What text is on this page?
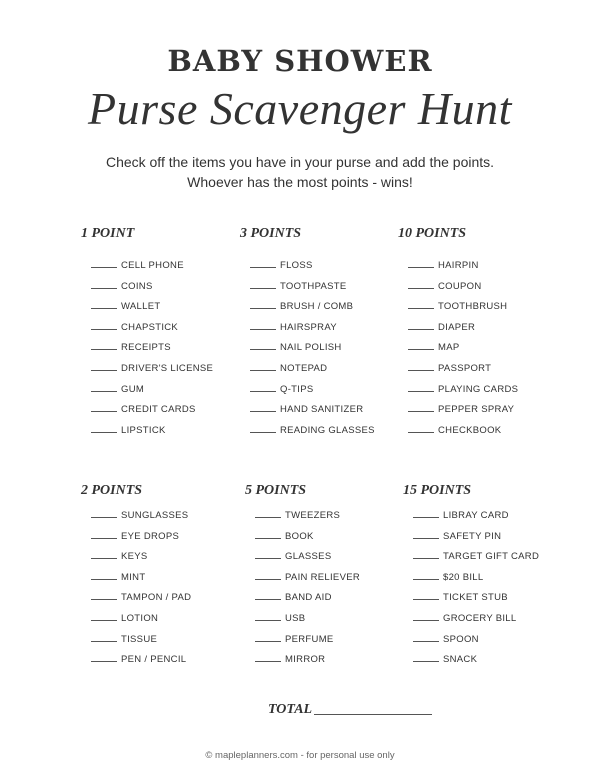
BABY SHOWER
Purse Scavenger Hunt
Check off the items you have in your purse and add the points.
Whoever has the most points - wins!
1 POINT
CELL PHONE
COINS
WALLET
CHAPSTICK
RECEIPTS
DRIVER'S LICENSE
GUM
CREDIT CARDS
LIPSTICK
3 POINTS
FLOSS
TOOTHPASTE
BRUSH / COMB
HAIRSPRAY
NAIL POLISH
NOTEPAD
Q-TIPS
HAND SANITIZER
READING GLASSES
10 POINTS
HAIRPIN
COUPON
TOOTHBRUSH
DIAPER
MAP
PASSPORT
PLAYING CARDS
PEPPER SPRAY
CHECKBOOK
2 POINTS
SUNGLASSES
EYE DROPS
KEYS
MINT
TAMPON / PAD
LOTION
TISSUE
PEN / PENCIL
5 POINTS
TWEEZERS
BOOK
GLASSES
PAIN RELIEVER
BAND AID
USB
PERFUME
MIRROR
15 POINTS
LIBRAY CARD
SAFETY PIN
TARGET GIFT CARD
$20 BILL
TICKET STUB
GROCERY BILL
SPOON
SNACK
TOTAL
© mapleplanners.com - for personal use only
